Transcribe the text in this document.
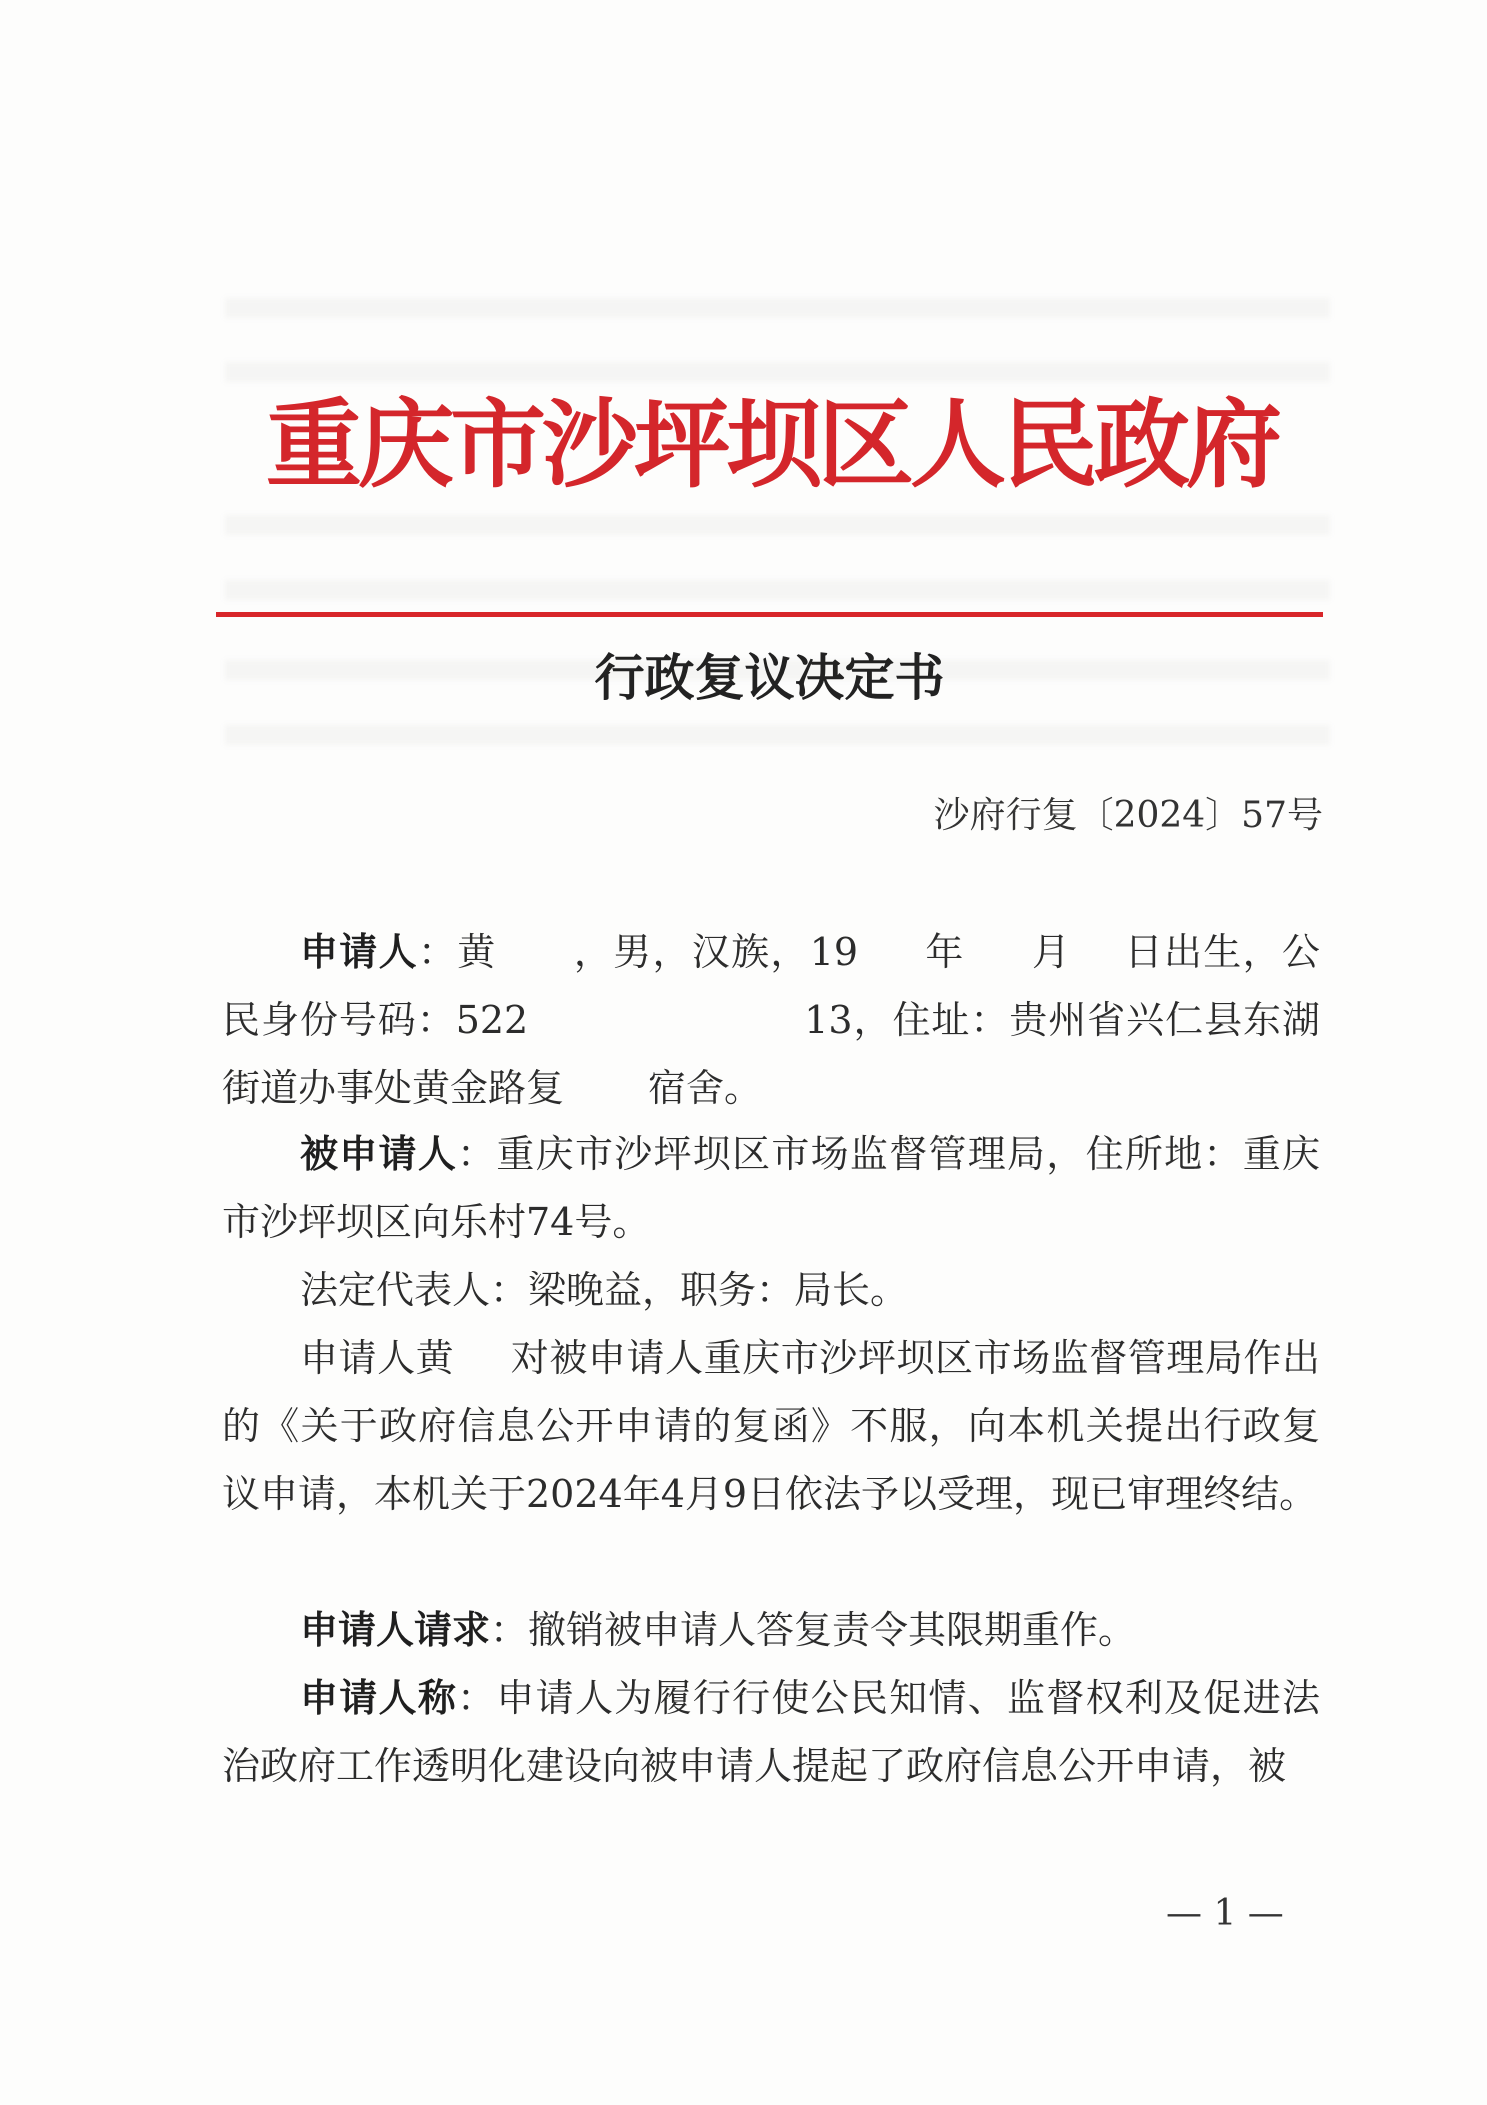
重庆市沙坪坝区人民政府
行政复议决定书
沙府行复〔2024〕57号
申请人：黄 ，男，汉族，19 年 月 日出生，公民身份号码：522	13，住址：贵州省兴仁县东湖街道办事处黄金路复 宿舍。
被申请人：重庆市沙坪坝区市场监督管理局，住所地：重庆市沙坪坝区向乐村74号。
法定代表人：梁晚益，职务：局长。
申请人黄 对被申请人重庆市沙坪坝区市场监督管理局作出的《关于政府信息公开申请的复函》不服，向本机关提出行政复议申请，本机关于2024年4月9日依法予以受理，现已审理终结。
申请人请求：撤销被申请人答复责令其限期重作。
申请人称：申请人为履行行使公民知情、监督权利及促进法治政府工作透明化建设向被申请人提起了政府信息公开申请，被
— 1 —
